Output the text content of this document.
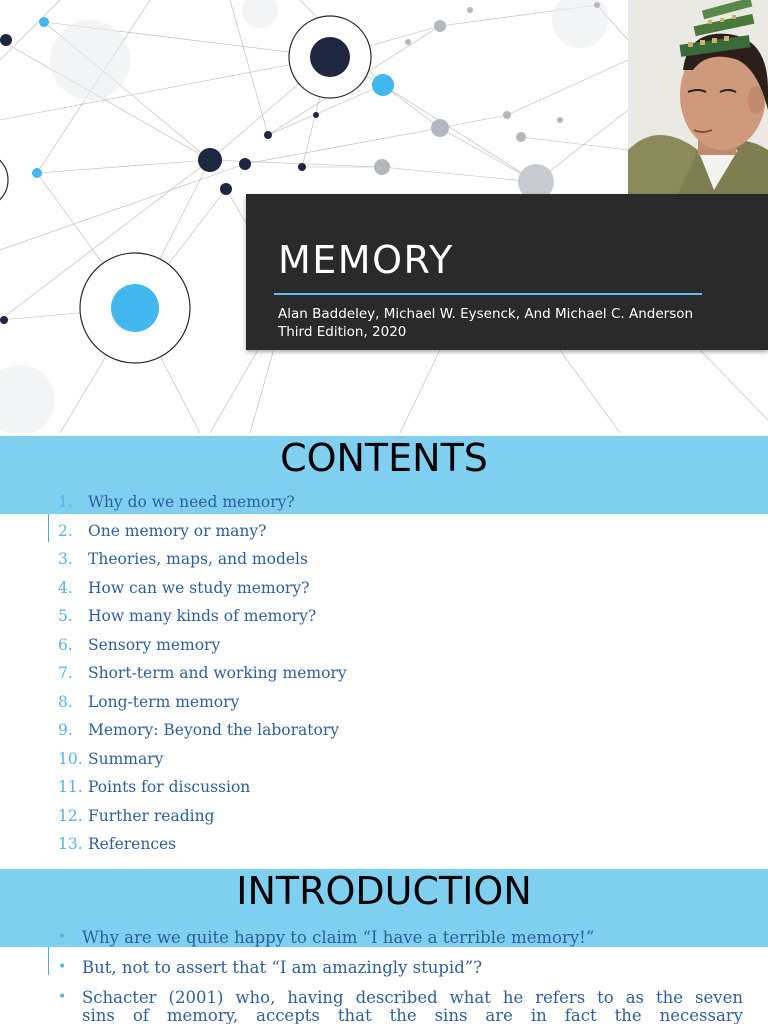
MEMORY
Alan Baddeley, Michael W. Eysenck, And Michael C. Anderson
Third Edition, 2020
CONTENTS
1. Why do we need memory?
2. One memory or many?
3. Theories, maps, and models
4. How can we study memory?
5. How many kinds of memory?
6. Sensory memory
7. Short-term and working memory
8. Long-term memory
9. Memory: Beyond the laboratory
10. Summary
11. Points for discussion
12. Further reading
13. References
INTRODUCTION
• Why are we quite happy to claim “I have a terrible memory!”
• But, not to assert that “I am amazingly stupid”?
• Schacter (2001) who, having described what he refers to as the seven
sins of memory, accepts that the sins are in fact the necessary
